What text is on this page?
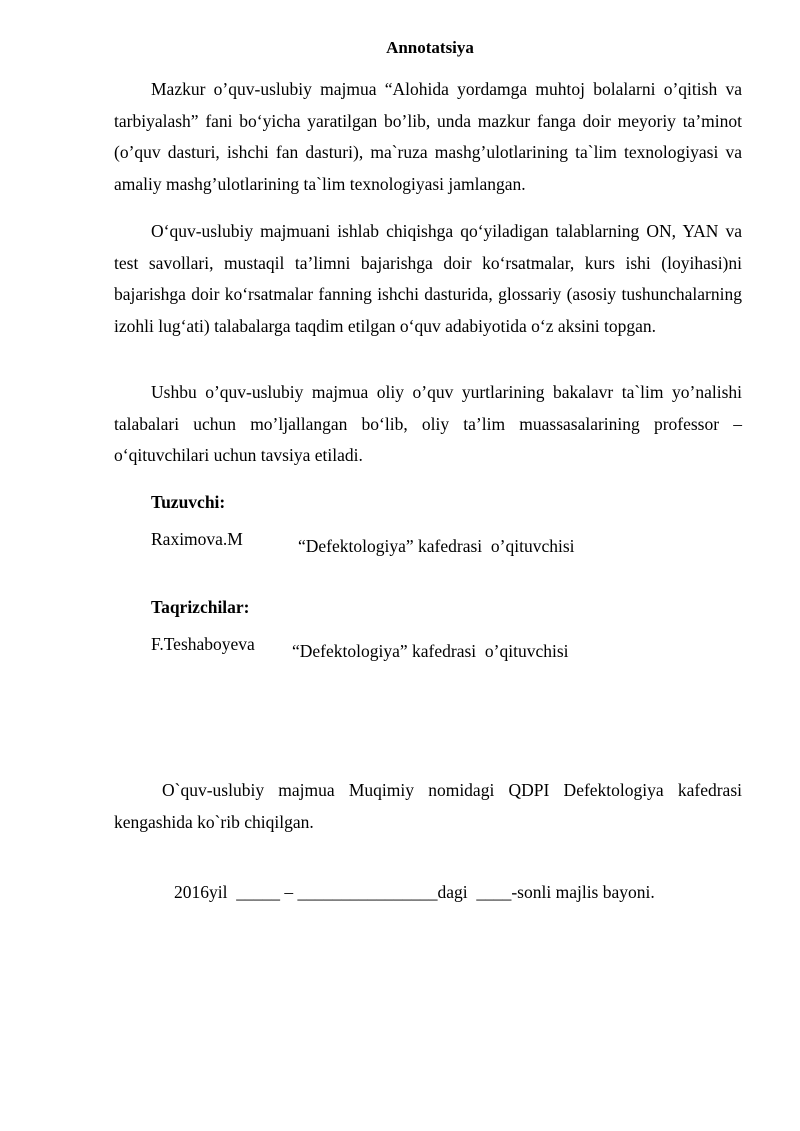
Annotatsiya

Mazkur o’quv-uslubiy majmua “Alohida yordamga muhtoj bolalarni o’qitish va tarbiyalash” fani bo‘yicha yaratilgan bo’lib, unda mazkur fanga doir meyoriy ta’minot (o’quv dasturi, ishchi fan dasturi), ma`ruza mashg’ulotlarining ta`lim texnologiyasi va amaliy mashg’ulotlarining ta`lim texnologiyasi jamlangan.

O‘quv-uslubiy majmuani ishlab chiqishga qo‘yiladigan talablarning ON, YAN va test savollari, mustaqil ta’limni bajarishga doir ko‘rsatmalar, kurs ishi (loyihasi)ni bajarishga doir ko‘rsatmalar fanning ishchi dasturida, glossariy (asosiy tushunchalarning izohli lug‘ati) talabalarga taqdim etilgan o‘quv adabiyotida o‘z aksini topgan.

Ushbu o’quv-uslubiy majmua oliy o’quv yurtlarining bakalavr ta`lim yo’nalishi talabalari uchun mo’ljallangan bo‘lib, oliy ta’lim muassasalarining professor – o‘qituvchilari uchun tavsiya etiladi.

Tuzuvchi:
Raximova.M	“Defektologiya” kafedrasi  o’qituvchisi
Taqrizchilar:
F.Teshaboyeva “Defektologiya” kafedrasi  o’qituvchisi

O`quv-uslubiy majmua Muqimiy nomidagi QDPI Defektologiya kafedrasi kengashida ko`rib chiqilgan.

2016yil  _____ – ________________dagi  ____-sonli majlis bayoni.
